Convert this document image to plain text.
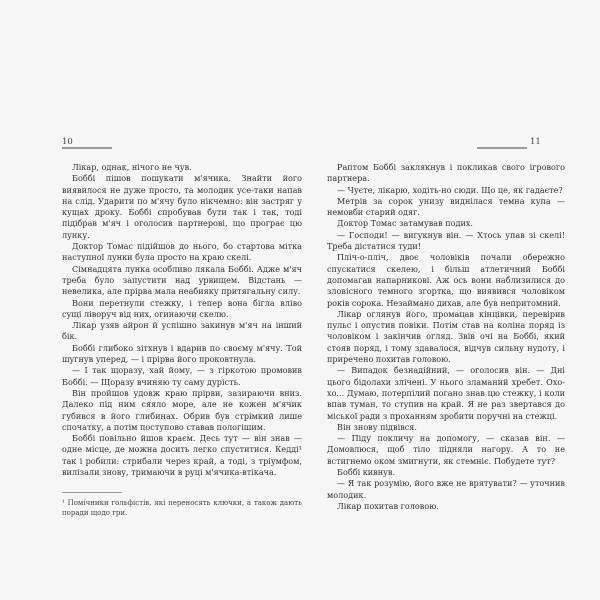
10	11

Лікар, однак, нічого не чув.

Боббі пішов пошукати м'ячика. Знайти його виявилося не дуже просто, та молодик усе-таки напав на слід. Ударити по м'ячу було нікчемно: він застряг у кущах дроку. Боббі спробував бути так і так, тоді підібрав м'яч і оголосив партнерові, що програє цю лунку.

Доктор Томас підійшов до нього, бо стартова мітка наступної лунки була просто на краю скелі.

Сімнадцята лунка особливо лякала Боббі. Адже м'яч треба було запустити над урвищем. Відстань — невелика, але прірва мала неабияку притягальну силу.

Вони перетнули стежку, і тепер вона бігла вліво сущі ліворуч від них, огинаючи скелю.

Лікар узяв айрон й успішно закинув м'яч на інший бік.

Боббі глибоко зітхнув і вдарив по своєму м'ячу. Той шугнув уперед, — і прірва його проковтнула.

— І так щоразу, хай йому, — з гіркотою промовив Боббі. — Щоразу вчиняю ту саму дурість.

Він пройшов удовж краю прірви, зазираючи вниз. Далеко під ним сяяло море, але не кожен м'ячик губився в його глибинах. Обрив був стрімкий лише спочатку, а потім поступово ставав пологішим.

Боббі повільно йшов краєм. Десь тут — він знав — одне місце, де можна досить легко спуститися. Кедді¹ так і робили: стрибали через край, а тоді, з тріумфом, вилізали знову, тримаючи в руці м'ячика-втікача.

¹ Помічники гольфістів, які переносять ключки, а також дають поради щодо гри.

Раптом Боббі заклякнув і покликав свого ігрового партнера.

— Чуєте, лікарю, ходіть-но сюди. Що це, як гадаєте?

Метрів за сорок унизу виднілася темна купа — немовби старий одяг.

Доктор Томас затамував подих.

— Господи! — вигукнув він. — Хтось упав зі скелі! Треба дістатися туди!

Пліч-о-пліч, двоє чоловіків почали обережно спускатися скелею, і більш атлетичний Боббі допомагав напарникові. Аж ось вони наблизилися до зловісного темного згортка, що виявився чоловіком років сорока. Незаймано дихав, але був непритомний.

Лікар оглянув його, промацав кінцівки, перевірив пульс і опустив повіки. Потім став на коліна поряд із чоловіком і закінчив огляд. Звів очі на Боббі, який стояв поряд, і тому здавалося, відчув сильну нудоту, і приречено похитав головою.

— Випадок безнадійний, — оголосив він. — Дні цього бідолахи злічені. У нього зламаний хребет. Охо-хо... Думаю, потерпілий погано знав цю стежку, і коли впав туман, то ступив на край. Я не раз звертався до міської ради з проханням зробити поручні на стежці.

Він знову підвівся.

— Піду покличу на допомогу, — сказав він. — Домовлюся, щоб тіло підняли нагору. А то не встигнемо оком змигнути, як стемніє. Побудете тут?

Боббі кивнув.

— Я так розумію, його вже не врятувати? — уточнив молодик.

Лікар похитав головою.
